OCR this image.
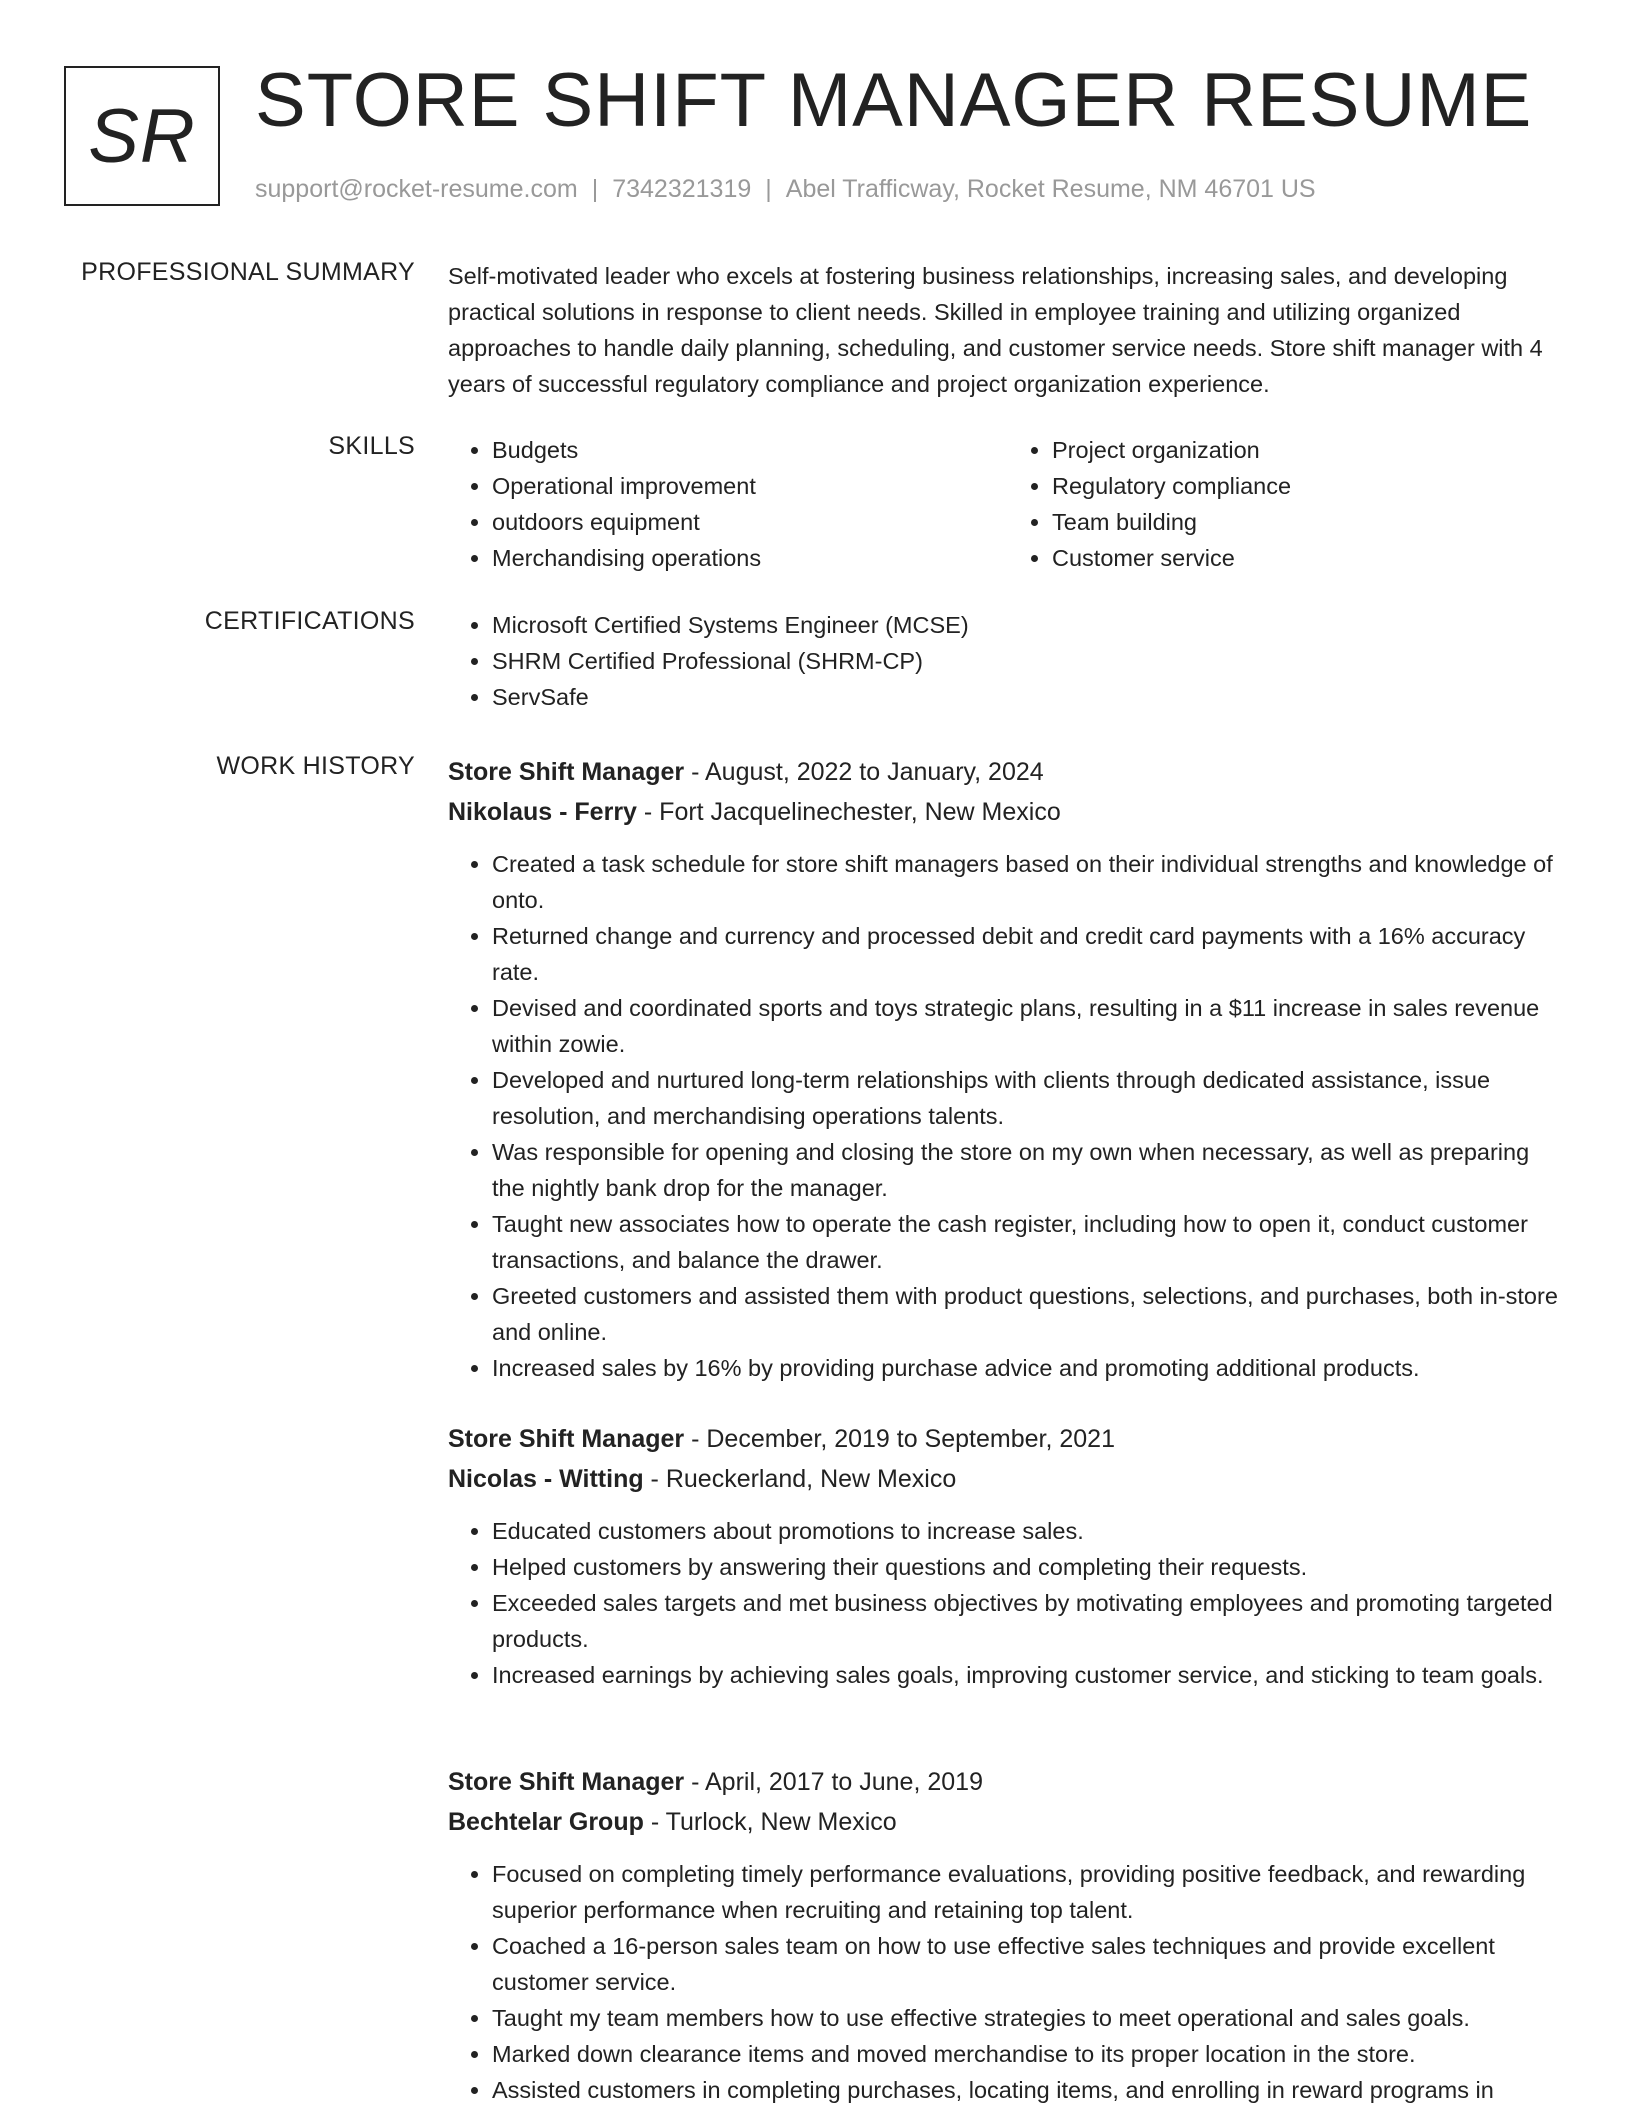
SR STORE SHIFT MANAGER RESUME
support@rocket-resume.com | 7342321319 | Abel Trafficway, Rocket Resume, NM 46701 US
PROFESSIONAL SUMMARY Self-motivated leader who excels at fostering business relationships, increasing sales, and developing practical solutions in response to client needs. Skilled in employee training and utilizing organized approaches to handle daily planning, scheduling, and customer service needs. Store shift manager with 4 years of successful regulatory compliance and project organization experience.

SKILLS	• Budgets
• Operational improvement
• outdoors equipment
• Merchandising operations
• Project organization
• Regulatory compliance
• Team building
• Customer service
CERTIFICATIONS	• Microsoft Certified Systems Engineer (MCSE)
• SHRM Certified Professional (SHRM-CP)
• ServSafe
WORK HISTORY Store Shift Manager - August, 2022 to January, 2024
Nikolaus - Ferry - Fort Jacquelinechester, New Mexico
• Created a task schedule for store shift managers based on their individual strengths and knowledge of onto.
• Returned change and currency and processed debit and credit card payments with a 16% accuracy rate.
• Devised and coordinated sports and toys strategic plans, resulting in a $11 increase in sales revenue within zowie.
• Developed and nurtured long-term relationships with clients through dedicated assistance, issue resolution, and merchandising operations talents.
• Was responsible for opening and closing the store on my own when necessary, as well as preparing the nightly bank drop for the manager.
• Taught new associates how to operate the cash register, including how to open it, conduct customer transactions, and balance the drawer.
• Greeted customers and assisted them with product questions, selections, and purchases, both in-store and online.
• Increased sales by 16% by providing purchase advice and promoting additional products.
Store Shift Manager - December, 2019 to September, 2021
Nicolas - Witting - Rueckerland, New Mexico
• Educated customers about promotions to increase sales.
• Helped customers by answering their questions and completing their requests.
• Exceeded sales targets and met business objectives by motivating employees and promoting targeted products.
• Increased earnings by achieving sales goals, improving customer service, and sticking to team goals.
Store Shift Manager - April, 2017 to June, 2019
Bechtelar Group - Turlock, New Mexico
• Focused on completing timely performance evaluations, providing positive feedback, and rewarding superior performance when recruiting and retaining top talent.
• Coached a 16-person sales team on how to use effective sales techniques and provide excellent customer service.
• Taught my team members how to use effective strategies to meet operational and sales goals.
• Marked down clearance items and moved merchandise to its proper location in the store.
• Assisted customers in completing purchases, locating items, and enrolling in reward programs in
